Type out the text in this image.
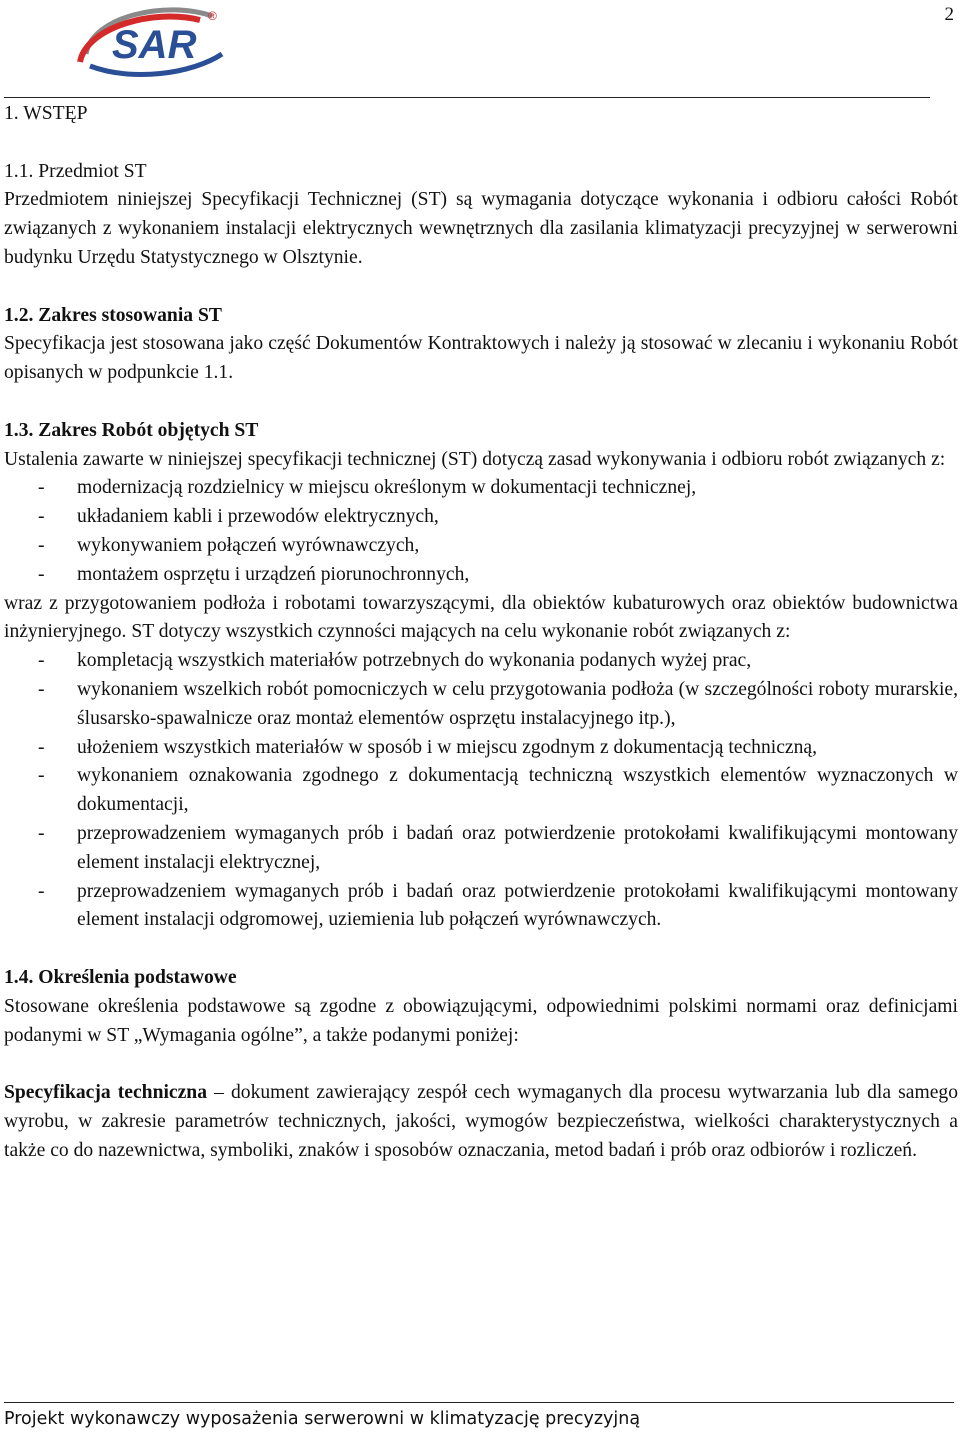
SAR
®	2

1. WSTĘP

1.1. Przedmiot ST

Przedmiotem niniejszej Specyfikacji Technicznej (ST) są wymagania dotyczące wykonania i odbioru całości Robót związanych z wykonaniem instalacji elektrycznych wewnętrznych dla zasilania klimatyzacji precyzyjnej w serwerowni budynku Urzędu Statystycznego w Olsztynie.

1.2. Zakres stosowania ST

Specyfikacja jest stosowana jako część Dokumentów Kontraktowych i należy ją stosować w zlecaniu i wykonaniu Robót opisanych w podpunkcie 1.1.

1.3. Zakres Robót objętych ST

Ustalenia zawarte w niniejszej specyfikacji technicznej (ST) dotyczą zasad wykonywania i odbioru robót związanych z:

- modernizacją rozdzielnicy w miejscu określonym w dokumentacji technicznej,
- układaniem kabli i przewodów elektrycznych,
- wykonywaniem połączeń wyrównawczych,
- montażem osprzętu i urządzeń piorunochronnych,

wraz z przygotowaniem podłoża i robotami towarzyszącymi, dla obiektów kubaturowych oraz obiektów budownictwa inżynieryjnego. ST dotyczy wszystkich czynności mających na celu wykonanie robót związanych z:

- kompletacją wszystkich materiałów potrzebnych do wykonania podanych wyżej prac,
- wykonaniem wszelkich robót pomocniczych w celu przygotowania podłoża (w szczególności roboty murarskie, ślusarsko-spawalnicze oraz montaż elementów osprzętu instalacyjnego itp.),
- ułożeniem wszystkich materiałów w sposób i w miejscu zgodnym z dokumentacją techniczną,
- wykonaniem oznakowania zgodnego z dokumentacją techniczną wszystkich elementów wyznaczonych w dokumentacji,
- przeprowadzeniem wymaganych prób i badań oraz potwierdzenie protokołami kwalifikującymi montowany element instalacji elektrycznej,
- przeprowadzeniem wymaganych prób i badań oraz potwierdzenie protokołami kwalifikującymi montowany element instalacji odgromowej, uziemienia lub połączeń wyrównawczych.

1.4. Określenia podstawowe

Stosowane określenia podstawowe są zgodne z obowiązującymi, odpowiednimi polskimi normami oraz definicjami podanymi w ST „Wymagania ogólne”, a także podanymi poniżej:

Specyfikacja techniczna – dokument zawierający zespół cech wymaganych dla procesu wytwarzania lub dla samego wyrobu, w zakresie parametrów technicznych, jakości, wymogów bezpieczeństwa, wielkości charakterystycznych a także co do nazewnictwa, symboliki, znaków i sposobów oznaczania, metod badań i prób oraz odbiorów i rozliczeń.

Projekt wykonawczy wyposażenia serwerowni w klimatyzację precyzyjną
